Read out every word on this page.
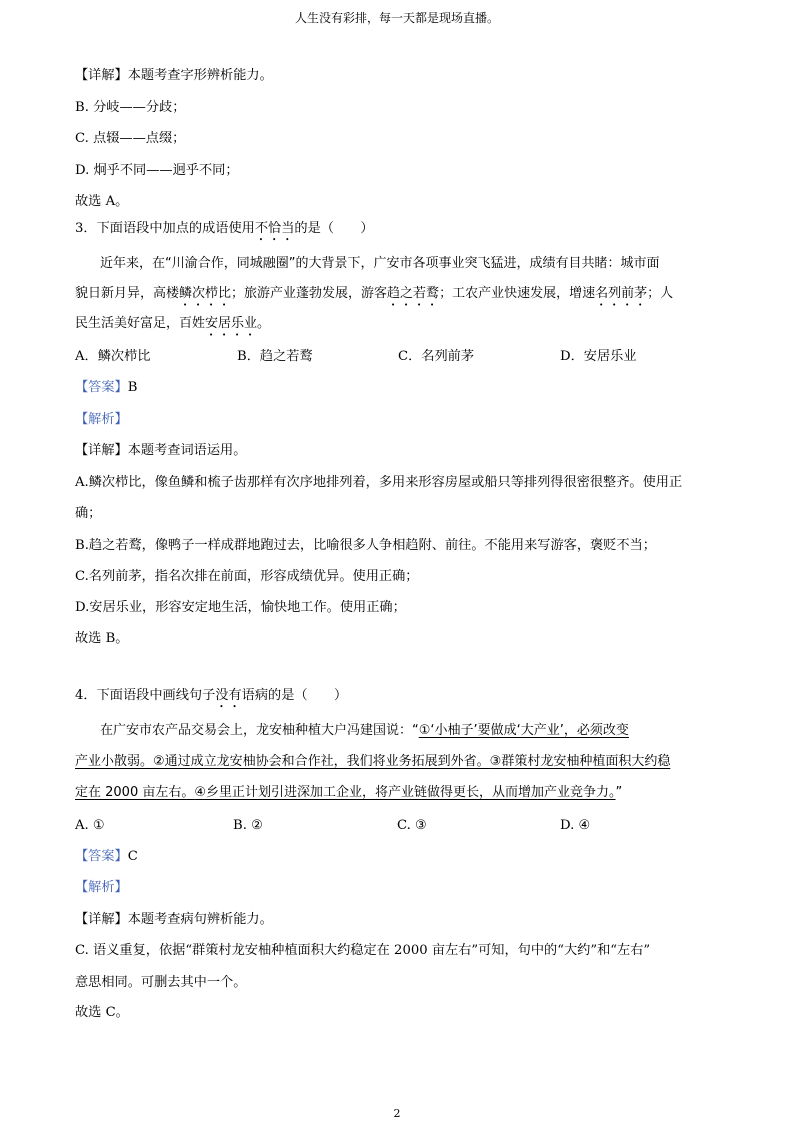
人生没有彩排，每一天都是现场直播。

【详解】本题考查字形辨析能力。

B. 分岐——分歧；

C. 点辍——点缀；

D. 炯乎不同——迥乎不同；

故选 A。

3．下面语段中加点的成语使用不恰当的是（　　）

近年来，在“川渝合作，同城融圈”的大背景下，广安市各项事业突飞猛进，成绩有目共睹：城市面

貌日新月异，高楼鳞次栉比；旅游产业蓬勃发展，游客趋之若鹜；工农产业快速发展，增速名列前茅；人

民生活美好富足，百姓安居乐业。

A．鳞次栉比	B．趋之若鹜	C．名列前茅	D．安居乐业

【答案】B

【解析】

【详解】本题考查词语运用。

A.鳞次栉比，像鱼鳞和梳子齿那样有次序地排列着，多用来形容房屋或船只等排列得很密很整齐。使用正

确；

B.趋之若鹜，像鸭子一样成群地跑过去，比喻很多人争相趋附、前往。不能用来写游客，褒贬不当；

C.名列前茅，指名次排在前面，形容成绩优异。使用正确；

D.安居乐业，形容安定地生活，愉快地工作。使用正确；

故选 B。

4．下面语段中画线句子没有语病的是（　　）

在广安市农产品交易会上，龙安柚种植大户冯建国说：“①‘小柚子’要做成‘大产业’，必须改变

产业小散弱。②通过成立龙安柚协会和合作社，我们将业务拓展到外省。③群策村龙安柚种植面积大约稳

定在 2000 亩左右。④乡里正计划引进深加工企业，将产业链做得更长，从而增加产业竞争力。”

A. ①	B. ②	C. ③	D. ④

【答案】C

【解析】

【详解】本题考查病句辨析能力。

C. 语义重复，依据“群策村龙安柚种植面积大约稳定在 2000 亩左右”可知，句中的“大约”和“左右”

意思相同。可删去其中一个。

故选 C。

2
